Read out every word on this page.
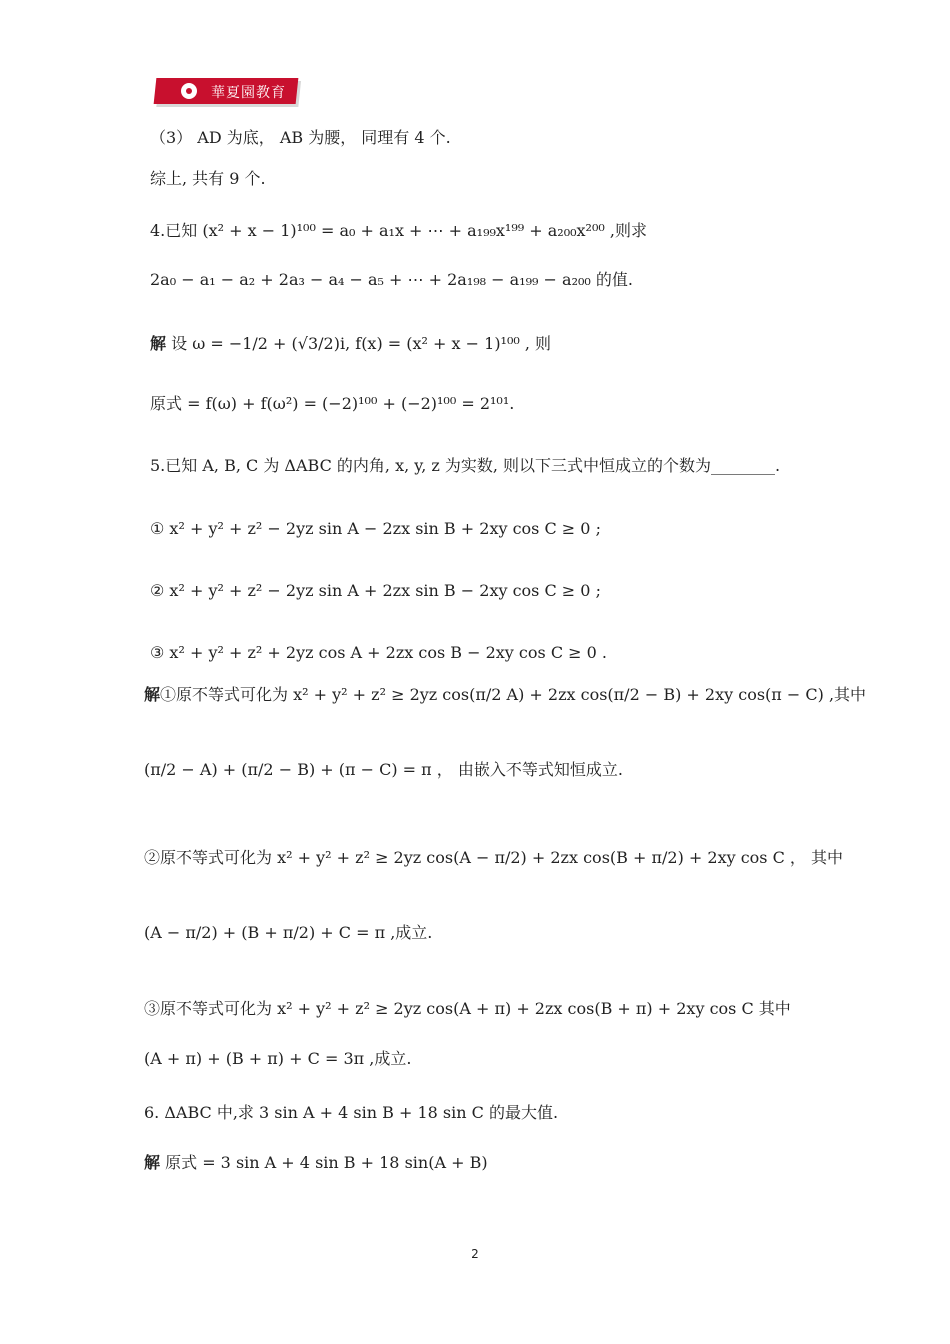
華夏園教育
（3） AD 为底， AB 为腰， 同理有 4 个.
综上, 共有 9 个.
4.已知 (x² + x − 1)¹⁰⁰ = a₀ + a₁x + ⋯ + a₁₉₉x¹⁹⁹ + a₂₀₀x²⁰⁰ ,则求
2a₀ − a₁ − a₂ + 2a₃ − a₄ − a₅ + ⋯ + 2a₁₉₈ − a₁₉₉ − a₂₀₀ 的值.
解 设 ω = −1/2 + (√3/2)i, f(x) = (x² + x − 1)¹⁰⁰ , 则
原式 = f(ω) + f(ω²) = (−2)¹⁰⁰ + (−2)¹⁰⁰ = 2¹⁰¹.
5.已知 A, B, C 为 ΔABC 的内角, x, y, z 为实数, 则以下三式中恒成立的个数为________.
① x² + y² + z² − 2yz sin A − 2zx sin B + 2xy cos C ≥ 0 ;
② x² + y² + z² − 2yz sin A + 2zx sin B − 2xy cos C ≥ 0 ;
③ x² + y² + z² + 2yz cos A + 2zx cos B − 2xy cos C ≥ 0 .
解①原不等式可化为 x² + y² + z² ≥ 2yz cos(π/2 A) + 2zx cos(π/2 − B) + 2xy cos(π − C) ,其中
(π/2 − A) + (π/2 − B) + (π − C) = π ， 由嵌入不等式知恒成立.
②原不等式可化为 x² + y² + z² ≥ 2yz cos(A − π/2) + 2zx cos(B + π/2) + 2xy cos C ， 其中
(A − π/2) + (B + π/2) + C = π ,成立.
③原不等式可化为 x² + y² + z² ≥ 2yz cos(A + π) + 2zx cos(B + π) + 2xy cos C 其中
(A + π) + (B + π) + C = 3π ,成立.
6. ΔABC 中,求 3 sin A + 4 sin B + 18 sin C 的最大值.
解 原式 = 3 sin A + 4 sin B + 18 sin(A + B)
2
